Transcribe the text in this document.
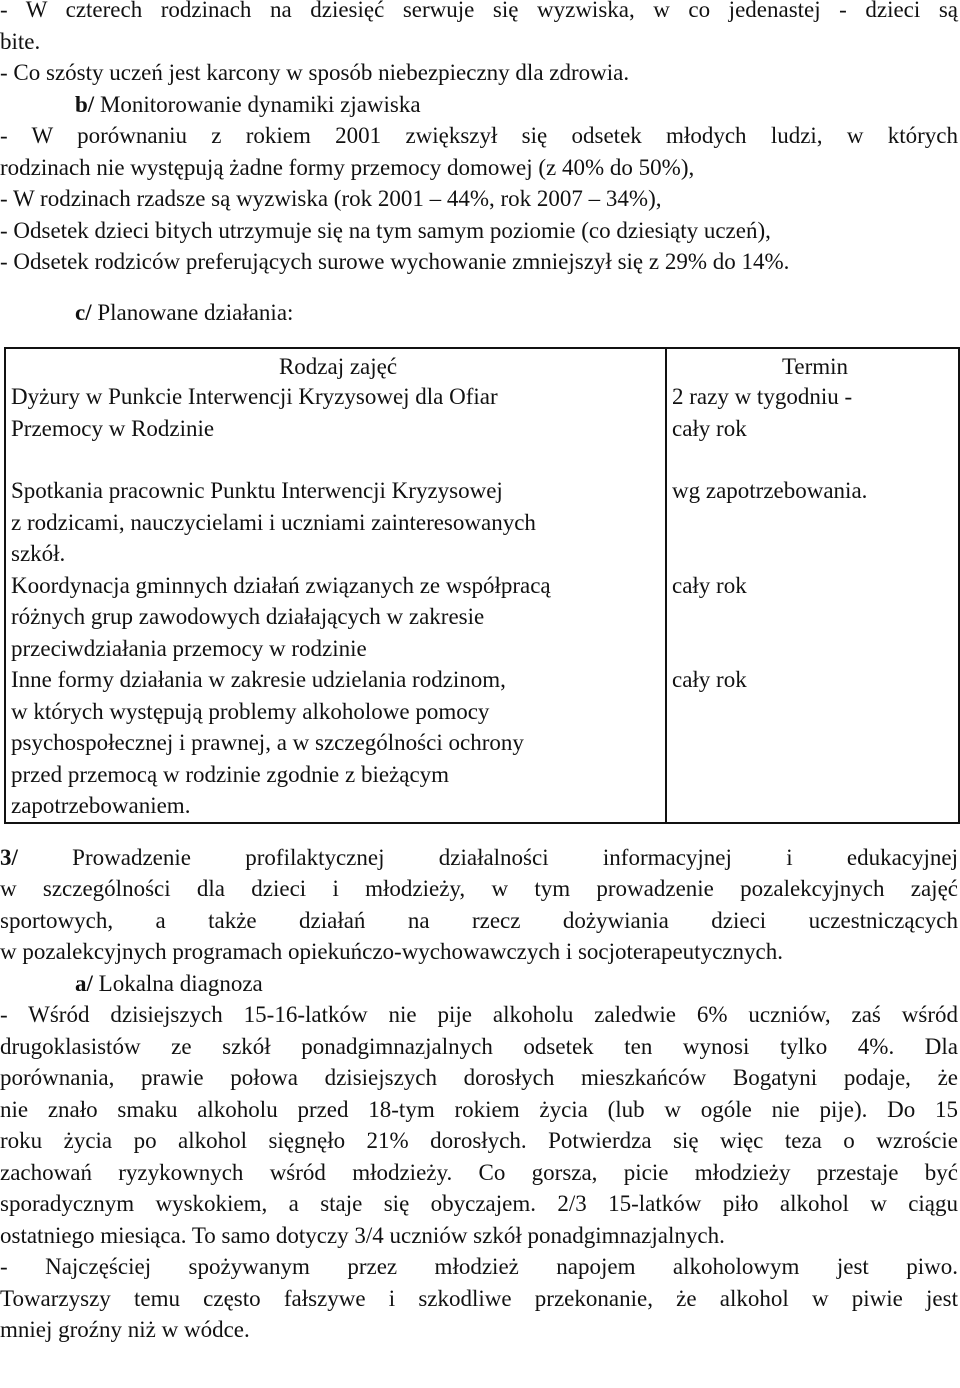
- W czterech rodzinach na dziesięć serwuje się wyzwiska, w co jedenastej - dzieci są
bite.
- Co szósty uczeń jest karcony w sposób niebezpieczny dla zdrowia.
b/ Monitorowanie dynamiki zjawiska
- W porównaniu z rokiem 2001 zwiększył się odsetek młodych ludzi, w których
rodzinach nie występują żadne formy przemocy domowej (z 40% do 50%),
- W rodzinach rzadsze są wyzwiska (rok 2001 – 44%, rok 2007 – 34%),
- Odsetek dzieci bitych utrzymuje się na tym samym poziomie (co dziesiąty uczeń),
- Odsetek rodziców preferujących surowe wychowanie zmniejszył się z 29% do 14%.
c/ Planowane działania:
Rodzaj zajęć	Termin

Dyżury w Punkcie Interwencji Kryzysowej dla Ofiar
Przemocy w Rodzinie	2 razy w tygodniu -
cały rok

Spotkania pracownic Punktu Interwencji Kryzysowej
z rodzicami, nauczycielami i uczniami zainteresowanych
szkół.	wg zapotrzebowania.

Koordynacja gminnych działań związanych ze współpracą
różnych grup zawodowych działających w zakresie
przeciwdziałania przemocy w rodzinie	cały rok

Inne formy działania w zakresie udzielania rodzinom,
w których występują problemy alkoholowe pomocy
psychospołecznej i prawnej, a w szczególności ochrony
przed przemocą w rodzinie zgodnie z bieżącym
zapotrzebowaniem.	cały rok
3/ Prowadzenie profilaktycznej działalności informacyjnej i edukacyjnej
w szczególności dla dzieci i młodzieży, w tym prowadzenie pozalekcyjnych zajęć
sportowych, a także działań na rzecz dożywiania dzieci uczestniczących
w pozalekcyjnych programach opiekuńczo-wychowawczych i socjoterapeutycznych.
a/ Lokalna diagnoza
- Wśród dzisiejszych 15-16-latków nie pije alkoholu zaledwie 6% uczniów, zaś wśród
drugoklasistów ze szkół ponadgimnazjalnych odsetek ten wynosi tylko 4%. Dla
porównania, prawie połowa dzisiejszych dorosłych mieszkańców Bogatyni podaje, że
nie znało smaku alkoholu przed 18-tym rokiem życia (lub w ogóle nie pije). Do 15
roku życia po alkohol sięgnęło 21% dorosłych. Potwierdza się więc teza o wzroście
zachowań ryzykownych wśród młodzieży. Co gorsza, picie młodzieży przestaje być
sporadycznym wyskokiem, a staje się obyczajem. 2/3 15-latków piło alkohol w ciągu
ostatniego miesiąca. To samo dotyczy 3/4 uczniów szkół ponadgimnazjalnych.
- Najczęściej spożywanym przez młodzież napojem alkoholowym jest piwo.
Towarzyszy temu często fałszywe i szkodliwe przekonanie, że alkohol w piwie jest
mniej groźny niż w wódce.
